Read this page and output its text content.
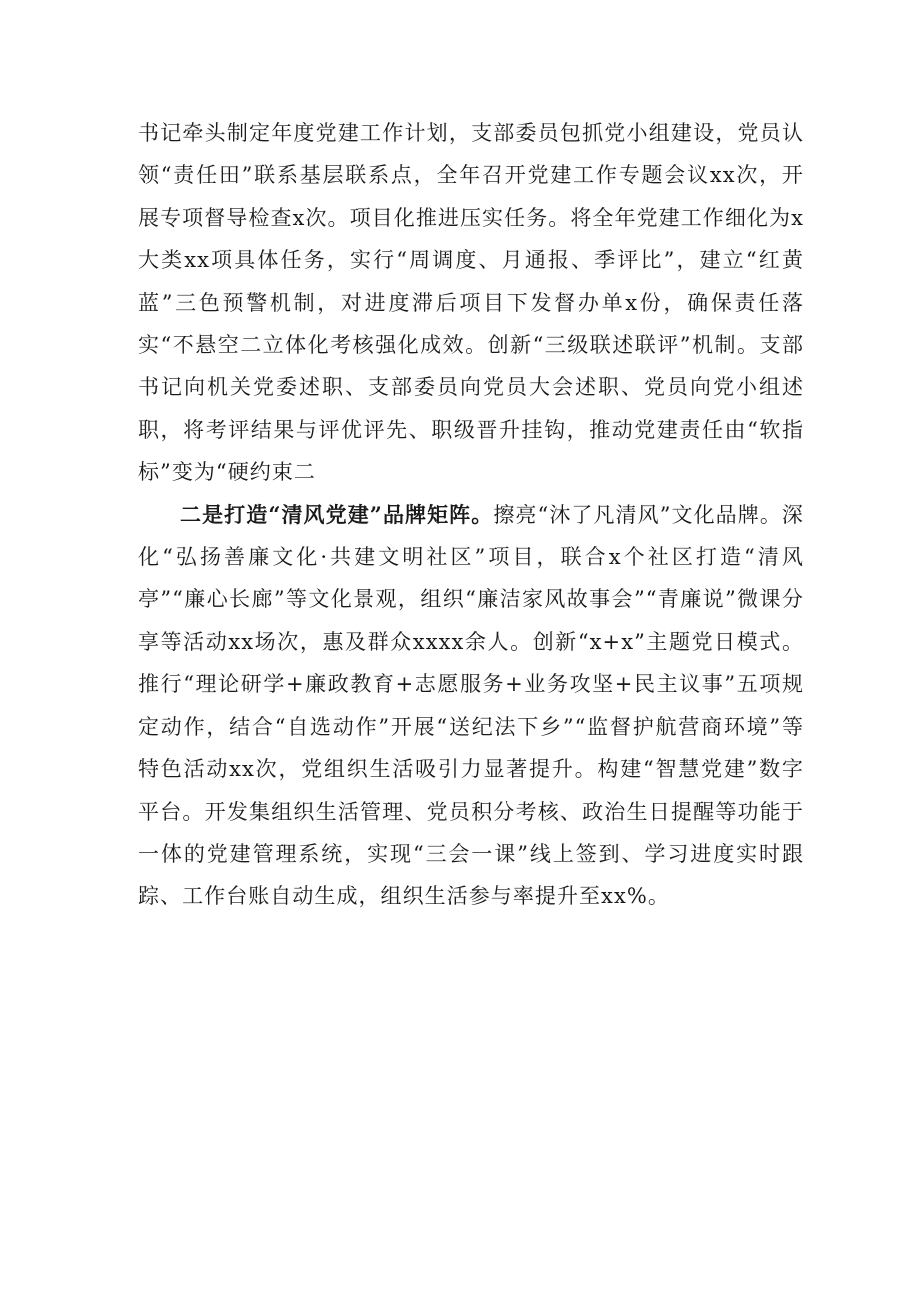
书记牵头制定年度党建工作计划，支部委员包抓党小组建设，党员认领“责任田”联系基层联系点，全年召开党建工作专题会议xx次，开展专项督导检查x次。项目化推进压实任务。将全年党建工作细化为x大类xx项具体任务，实行“周调度、月通报、季评比”，建立“红黄蓝”三色预警机制，对进度滞后项目下发督办单x份，确保责任落实“不悬空二立体化考核强化成效。创新“三级联述联评”机制。支部书记向机关党委述职、支部委员向党员大会述职、党员向党小组述职，将考评结果与评优评先、职级晋升挂钩，推动党建责任由“软指标”变为“硬约束二

二是打造“清风党建”品牌矩阵。擦亮“沐了凡清风”文化品牌。深化“弘扬善廉文化·共建文明社区”项目，联合x个社区打造“清风亭”“廉心长廊”等文化景观，组织“廉洁家风故事会”“青廉说”微课分享等活动xx场次，惠及群众xxxx余人。创新“x+x”主题党日模式。推行“理论研学+廉政教育+志愿服务+业务攻坚+民主议事”五项规定动作，结合“自选动作”开展“送纪法下乡”“监督护航营商环境”等特色活动xx次，党组织生活吸引力显著提升。构建“智慧党建”数字平台。开发集组织生活管理、党员积分考核、政治生日提醒等功能于一体的党建管理系统，实现“三会一课”线上签到、学习进度实时跟踪、工作台账自动生成，组织生活参与率提升至xx%。
